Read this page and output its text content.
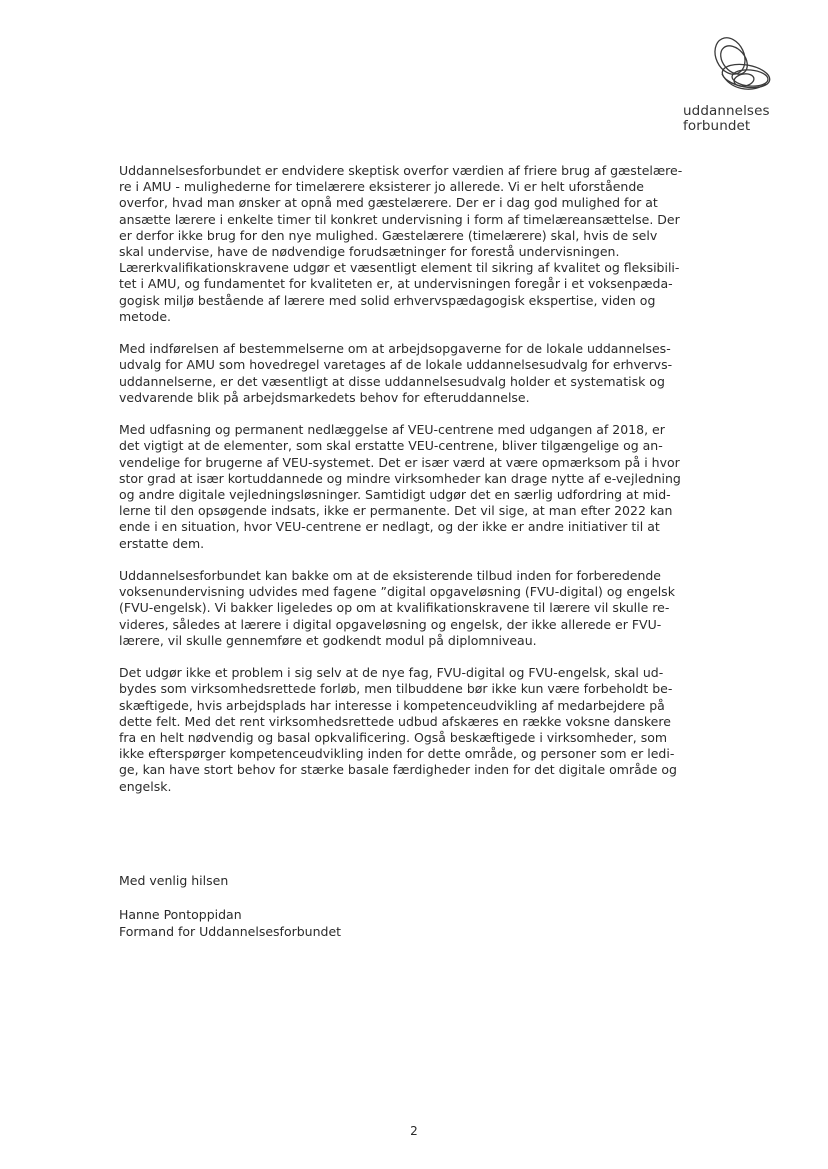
uddannelses
forbundet
Uddannelsesforbundet er endvidere skeptisk overfor værdien af friere brug af gæstelære-
re i AMU - mulighederne for timelærere eksisterer jo allerede. Vi er helt uforstående
overfor, hvad man ønsker at opnå med gæstelærere. Der er i dag god mulighed for at
ansætte lærere i enkelte timer til konkret undervisning i form af timelæreansættelse. Der
er derfor ikke brug for den nye mulighed. Gæstelærere (timelærere) skal, hvis de selv
skal undervise, have de nødvendige forudsætninger for forestå undervisningen.
Lærerkvalifikationskravene udgør et væsentligt element til sikring af kvalitet og fleksibili-
tet i AMU, og fundamentet for kvaliteten er, at undervisningen foregår i et voksenpæda-
gogisk miljø bestående af lærere med solid erhvervspædagogisk ekspertise, viden og
metode.
Med indførelsen af bestemmelserne om at arbejdsopgaverne for de lokale uddannelses-
udvalg for AMU som hovedregel varetages af de lokale uddannelsesudvalg for erhvervs-
uddannelserne, er det væsentligt at disse uddannelsesudvalg holder et systematisk og
vedvarende blik på arbejdsmarkedets behov for efteruddannelse.
Med udfasning og permanent nedlæggelse af VEU-centrene med udgangen af 2018, er
det vigtigt at de elementer, som skal erstatte VEU-centrene, bliver tilgængelige og an-
vendelige for brugerne af VEU-systemet. Det er især værd at være opmærksom på i hvor
stor grad at især kortuddannede og mindre virksomheder kan drage nytte af e-vejledning
og andre digitale vejledningsløsninger. Samtidigt udgør det en særlig udfordring at mid-
lerne til den opsøgende indsats, ikke er permanente. Det vil sige, at man efter 2022 kan
ende i en situation, hvor VEU-centrene er nedlagt, og der ikke er andre initiativer til at
erstatte dem.
Uddannelsesforbundet kan bakke om at de eksisterende tilbud inden for forberedende
voksenundervisning udvides med fagene ”digital opgaveløsning (FVU-digital) og engelsk
(FVU-engelsk). Vi bakker ligeledes op om at kvalifikationskravene til lærere vil skulle re-
videres, således at lærere i digital opgaveløsning og engelsk, der ikke allerede er FVU-
lærere, vil skulle gennemføre et godkendt modul på diplomniveau.
Det udgør ikke et problem i sig selv at de nye fag, FVU-digital og FVU-engelsk, skal ud-
bydes som virksomhedsrettede forløb, men tilbuddene bør ikke kun være forbeholdt be-
skæftigede, hvis arbejdsplads har interesse i kompetenceudvikling af medarbejdere på
dette felt. Med det rent virksomhedsrettede udbud afskæres en række voksne danskere
fra en helt nødvendig og basal opkvalificering. Også beskæftigede i virksomheder, som
ikke efterspørger kompetenceudvikling inden for dette område, og personer som er ledi-
ge, kan have stort behov for stærke basale færdigheder inden for det digitale område og
engelsk.
Med venlig hilsen
Hanne Pontoppidan
Formand for Uddannelsesforbundet
2
